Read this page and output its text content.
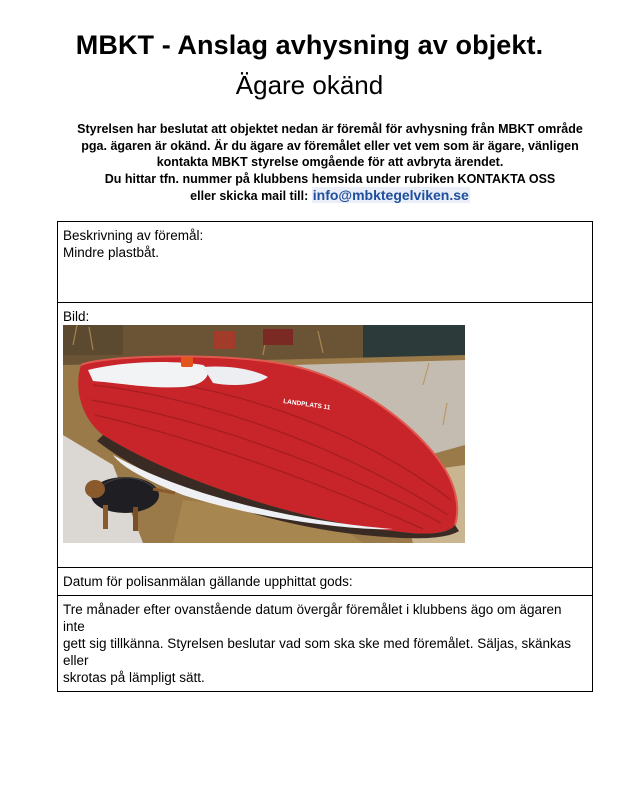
MBKT - Anslag avhysning av objekt.
Ägare okänd
Styrelsen har beslutat att objektet nedan är föremål för avhysning från MBKT område
pga. ägaren är okänd. Är du ägare av föremålet eller vet vem som är ägare, vänligen
kontakta MBKT styrelse omgående för att avbryta ärendet.
Du hittar tfn. nummer på klubbens hemsida under rubriken KONTAKTA OSS
eller skicka mail till: info@mbktegelviken.se
Beskrivning av föremål:
Mindre plastbåt.

Bild:
LANDPLATS 11

Datum för polisanmälan gällande upphittat gods:

Tre månader efter ovanstående datum övergår föremålet i klubbens ägo om ägaren inte
gett sig tillkänna. Styrelsen beslutar vad som ska ske med föremålet. Säljas, skänkas eller
skrotas på lämpligt sätt.
